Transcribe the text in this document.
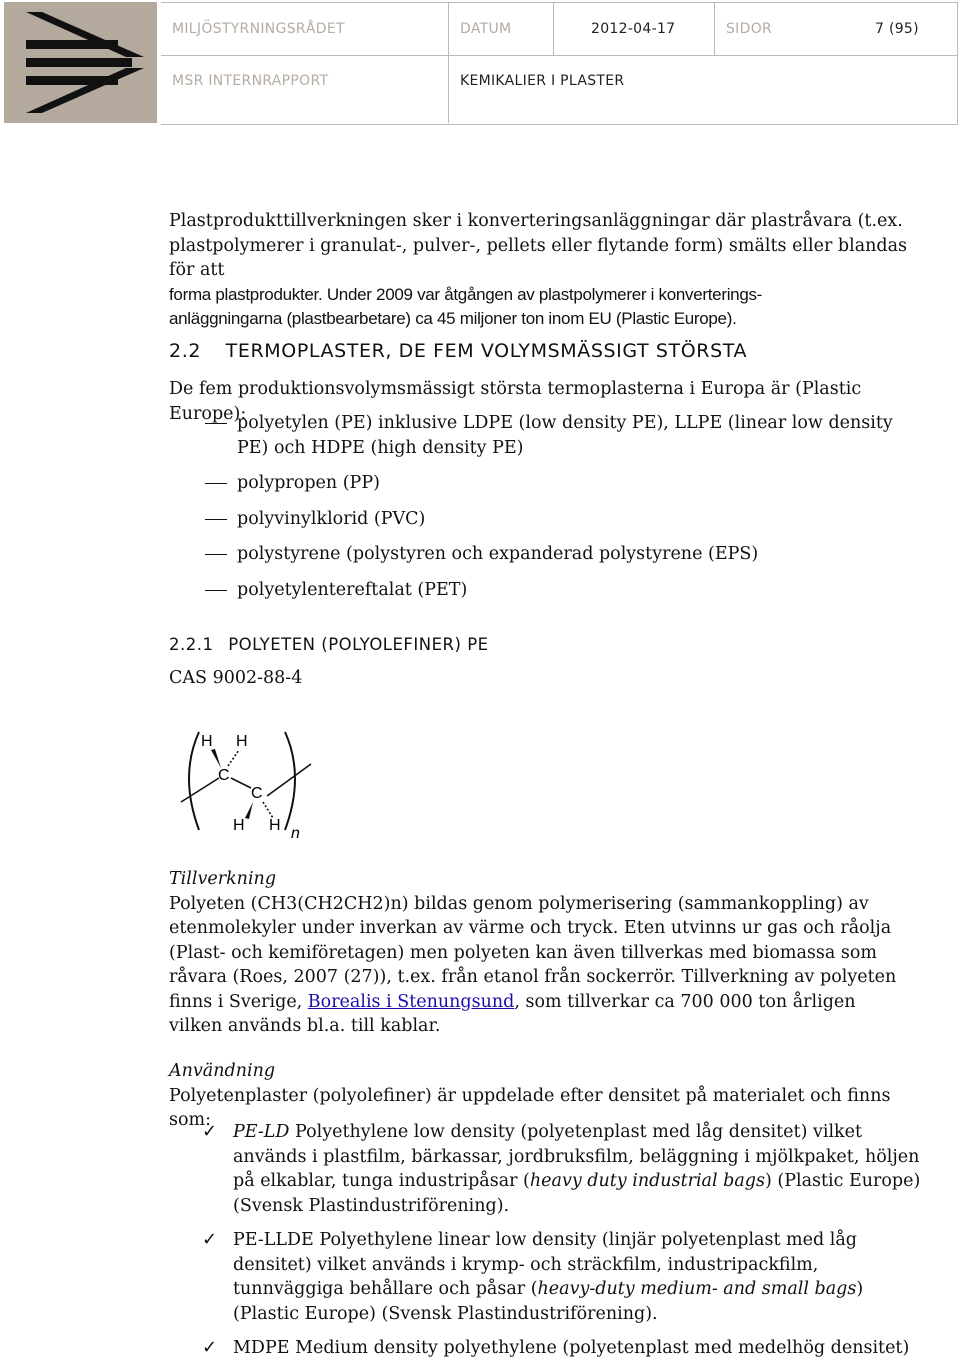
MILJÖSTYRNINGSRÅDET	DATUM	2012-04-17	SIDOR	7 (95)
MSR INTERNRAPPORT	KEMIKALIER I PLASTER

Plastprodukttillverkningen sker i konverteringsanläggningar där plastråvara (t.ex.

plastpolymerer i granulat-, pulver-, pellets eller flytande form) smälts eller blandas för att

forma plastprodukter. Under 2009 var åtgången av plastpolymerer i konverterings-

anläggningarna (plastbearbetare) ca 45 miljoner ton inom EU (Plastic Europe).

2.2 TERMOPLASTER, DE FEM VOLYMSMÄSSIGT STÖRSTA

De fem produktionsvolymsmässigt största termoplasterna i Europa är (Plastic Europe):

polyetylen (PE) inklusive LDPE (low density PE), LLPE (linear low density PE) och HDPE (high density PE)
polypropen (PP)
polyvinylklorid (PVC)
polystyrene (polystyren och expanderad polystyrene (EPS)
polyetylentereftalat (PET)
2.2.1 POLYETEN (POLYOLEFINER) PE

CAS 9002-88-4

H H
C
C
H H n

Tillverkning

Polyeten (CH3(CH2CH2)n) bildas genom polymerisering (sammankoppling) av etenmolekyler under inverkan av värme och tryck. Eten utvinns ur gas och råolja (Plast- och kemiföretagen) men polyeten kan även tillverkas med biomassa som råvara (Roes, 2007 (27)), t.ex. från etanol från sockerrör. Tillverkning av polyeten finns i Sverige, Borealis i Stenungsund, som tillverkar ca 700 000 ton årligen vilken används bl.a. till kablar.

Användning

Polyetenplaster (polyolefiner) är uppdelade efter densitet på materialet och finns som:

✓ PE-LD Polyethylene low density (polyetenplast med låg densitet) vilket används i plastfilm, bärkassar, jordbruksfilm, beläggning i mjölkpaket, höljen på elkablar, tunga industripåsar (heavy duty industrial bags) (Plastic Europe) (Svensk Plastindustriförening).
✓ PE-LLDE Polyethylene linear low density (linjär polyetenplast med låg densitet) vilket används i krymp- och sträckfilm, industripackfilm, tunnväggiga behållare och påsar (heavy-duty medium- and small bags) (Plastic Europe) (Svensk Plastindustriförening).
✓ MDPE Medium density polyethylene (polyetenplast med medelhög densitet)
